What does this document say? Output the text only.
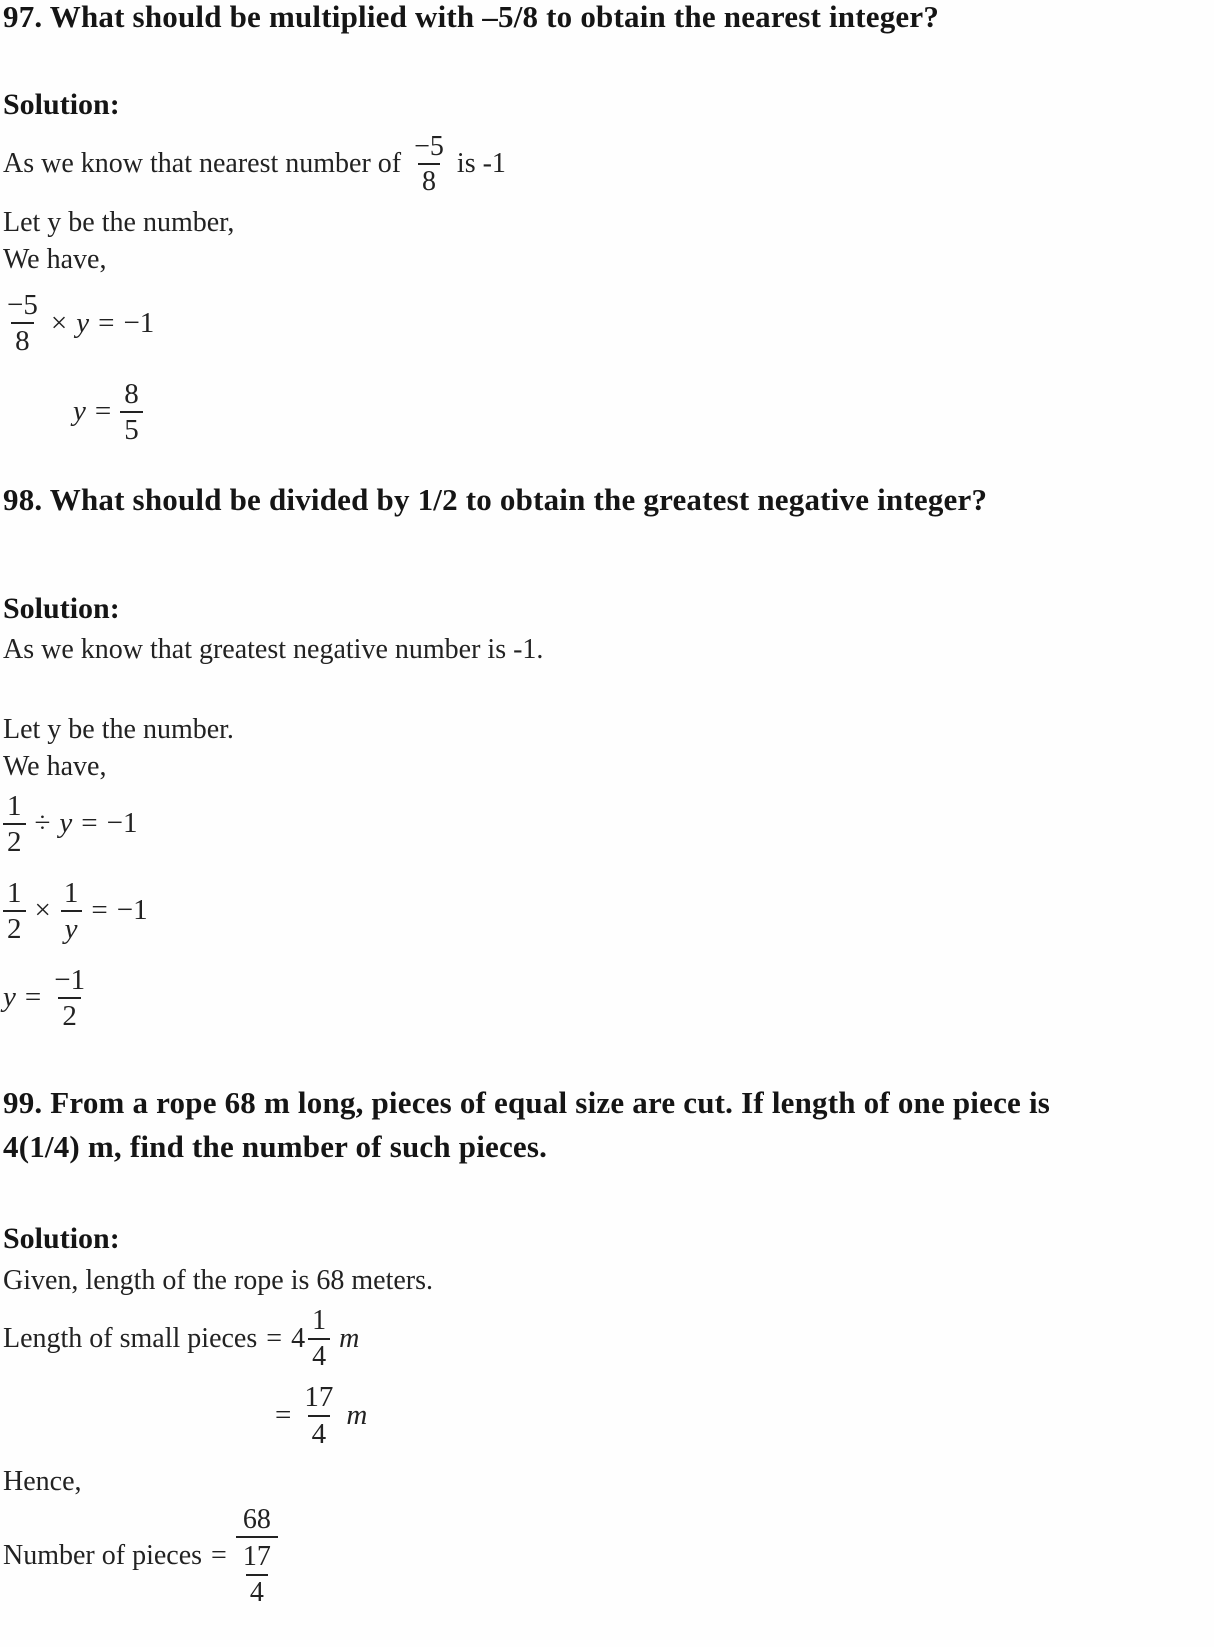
97. What should be multiplied with –5/8 to obtain the nearest integer?
Solution:
As we know that nearest number of $\frac{-5}{8}$ is -1
Let y be the number,
We have,
$\frac{-5}{8} \times y = -1$
$y = \frac{8}{5}$
98. What should be divided by 1/2 to obtain the greatest negative integer?
Solution:
As we know that greatest negative number is -1.
Let y be the number.
We have,
$\frac{1}{2} \div y = -1$
$\frac{1}{2} \times \frac{1}{y} = -1$
$y = \frac{-1}{2}$
99. From a rope 68 m long, pieces of equal size are cut. If length of one piece is 4(1/4) m, find the number of such pieces.
Solution:
Given, length of the rope is 68 meters.
Length of small pieces = $4 \frac{1}{4}$ m
= $\frac{17}{4}$ m
Hence,
Number of pieces = $\frac{68}{\frac{17}{4}}$
